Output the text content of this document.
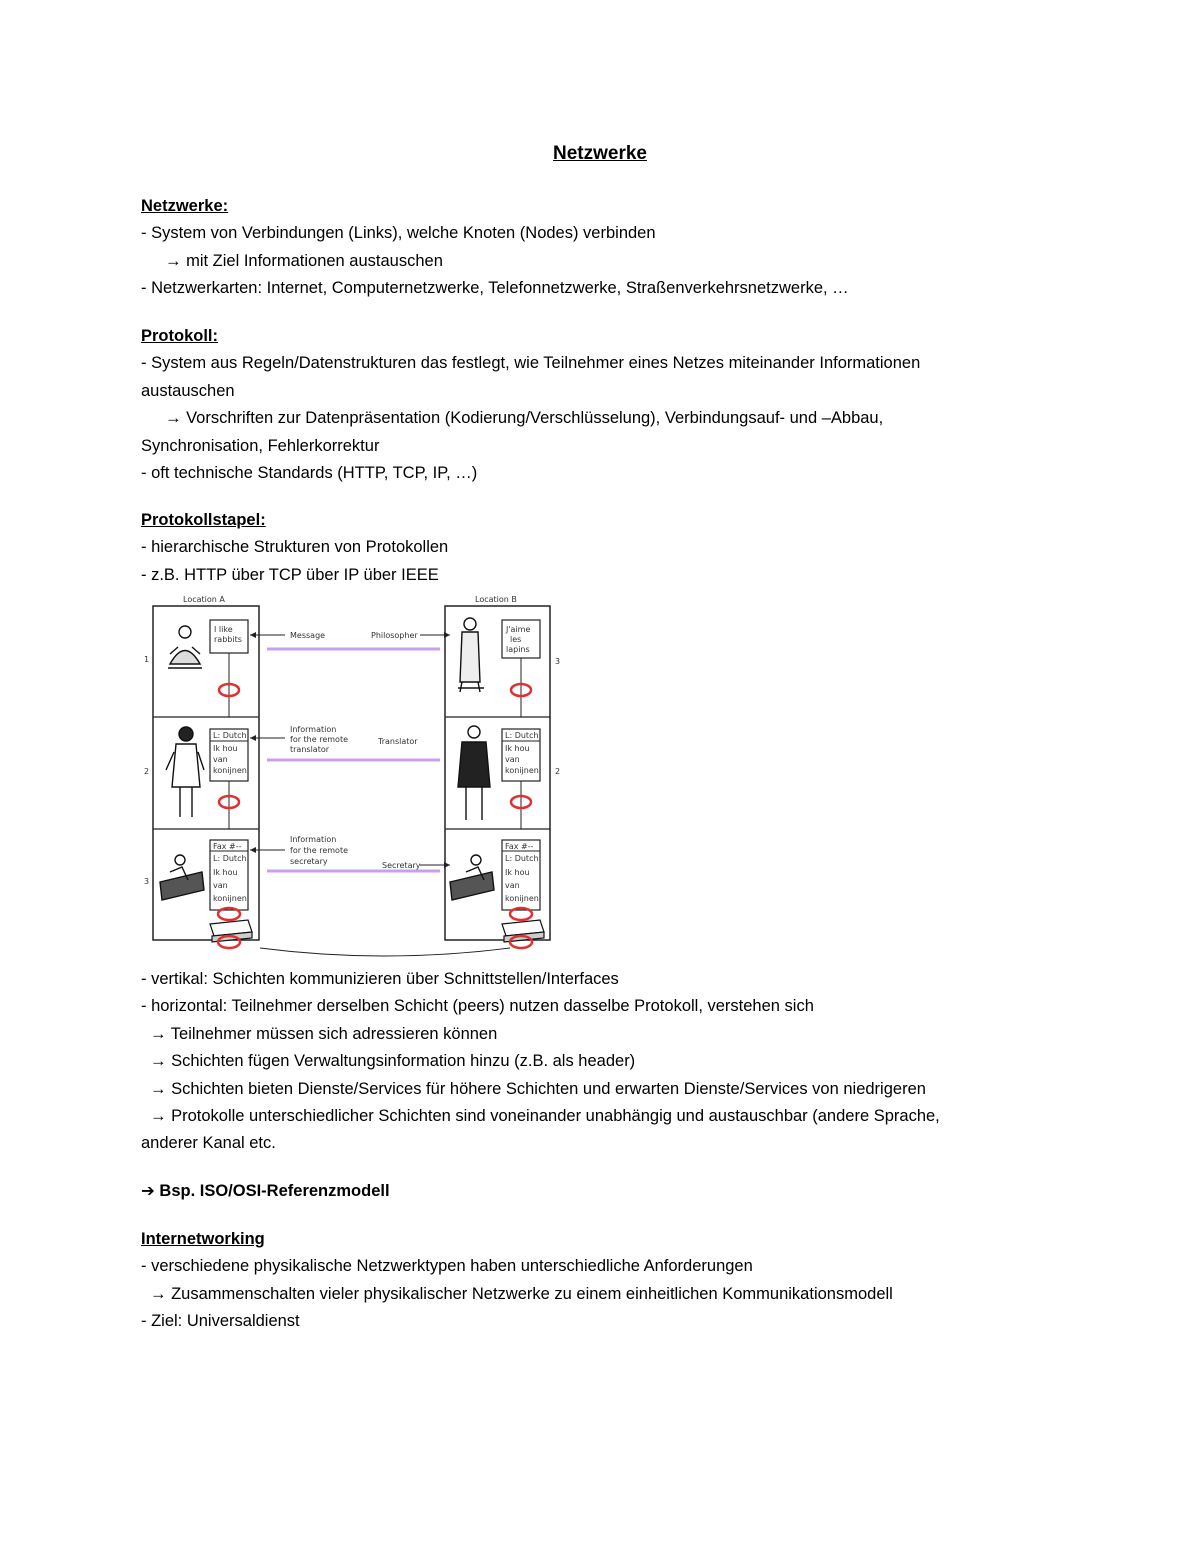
Netzwerke
Netzwerke:
- System von Verbindungen (Links), welche Knoten (Nodes) verbinden
→ mit Ziel Informationen austauschen
- Netzwerkarten: Internet, Computernetzwerke, Telefonnetzwerke, Straßenverkehrsnetzwerke, …
Protokoll:
- System aus Regeln/Datenstrukturen das festlegt, wie Teilnehmer eines Netzes miteinander Informationen
austauschen
→ Vorschriften zur Datenpräsentation (Kodierung/Verschlüsselung), Verbindungsauf- und –Abbau,
Synchronisation, Fehlerkorrektur
- oft technische Standards (HTTP, TCP, IP, …)
Protokollstapel:
- hierarchische Strukturen von Protokollen
- z.B. HTTP über TCP über IP über IEEE
Location A	Location B
1
2
3
3
2
I like
rabbits	Message	Philosopher
J'aime
les
lapins
L: Dutch
Ik hou
van
konijnen
Information
for the remote
translator
Translator
L: Dutch
Ik hou
van
konijnen
Fax #--
L: Dutch
Ik hou
van
konijnen
Information
for the remote
secretary	Secretary
Fax #--
L: Dutch
Ik hou
van
konijnen
- vertikal: Schichten kommunizieren über Schnittstellen/Interfaces
- horizontal: Teilnehmer derselben Schicht (peers) nutzen dasselbe Protokoll, verstehen sich
→ Teilnehmer müssen sich adressieren können
→ Schichten fügen Verwaltungsinformation hinzu (z.B. als header)
→ Schichten bieten Dienste/Services für höhere Schichten und erwarten Dienste/Services von niedrigeren
→ Protokolle unterschiedlicher Schichten sind voneinander unabhängig und austauschbar (andere Sprache,
anderer Kanal etc.
➔ Bsp. ISO/OSI-Referenzmodell
Internetworking
- verschiedene physikalische Netzwerktypen haben unterschiedliche Anforderungen
→ Zusammenschalten vieler physikalischer Netzwerke zu einem einheitlichen Kommunikationsmodell
- Ziel: Universaldienst
